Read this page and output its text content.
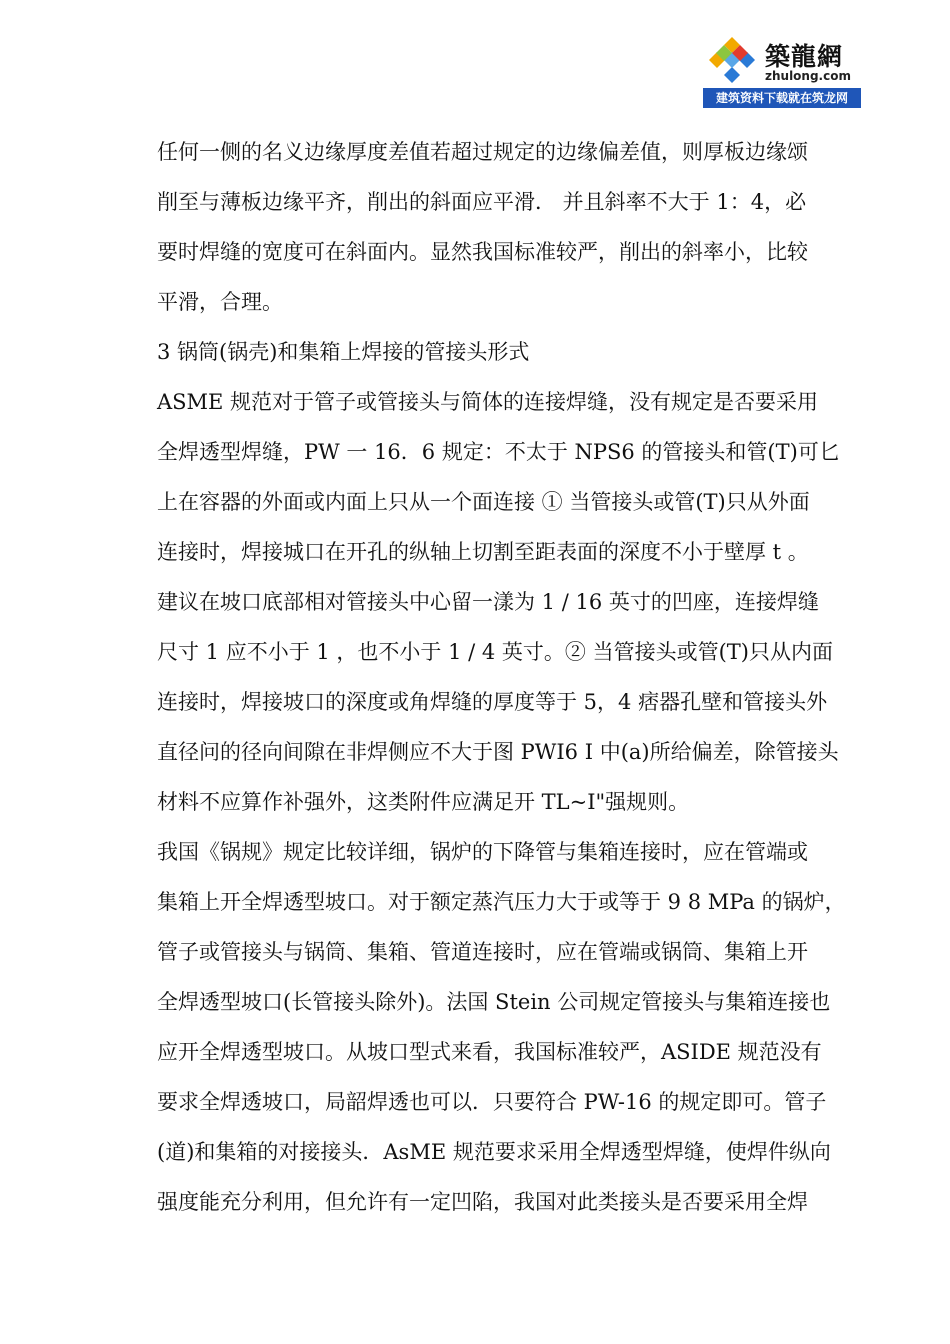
築龍網
zhulong.com
建筑资料下载就在筑龙网
任何一侧的名义边缘厚度差值若超过规定的边缘偏差值，则厚板边缘颂
削至与薄板边缘平齐，削出的斜面应平滑． 并且斜率不大于 1：4，必
要时焊缝的宽度可在斜面内。显然我国标准较严，削出的斜率小，比较
平滑，合理。
3 锅筒(锅壳)和集箱上焊接的管接头形式
ASME 规范对于管子或管接头与简体的连接焊缝，没有规定是否要采用
全焊透型焊缝，PW 一 16．6 规定：不太于 NPS6 的管接头和管(T)可匕
上在容器的外面或内面上只从一个面连接 ① 当管接头或管(T)只从外面
连接时，焊接城口在开孔的纵轴上切割至距表面的深度不小于壁厚 t 。
建议在坡口底部相对管接头中心留一漾为 1 / 16 英寸的凹座，连接焊缝
尺寸 1 应不小于 1 ，也不小于 1 / 4 英寸。② 当管接头或管(T)只从内面
连接时，焊接坡口的深度或角焊缝的厚度等于 5，4 痞器孔壁和管接头外
直径问的径向间隙在非焊侧应不大于图 PWI6 I 中(a)所给偏差，除管接头
材料不应算作补强外，这类附件应满足开 TL~I"强规则。
我国《锅规》规定比较详细，锅炉的下降管与集箱连接时，应在管端或
集箱上开全焊透型坡口。对于额定蒸汽压力大于或等于 9 8 MPa 的锅炉，
管子或管接头与锅筒、集箱、管道连接时，应在管端或锅筒、集箱上开
全焊透型坡口(长管接头除外)。法国 Stein 公司规定管接头与集箱连接也
应开全焊透型坡口。从坡口型式来看，我国标准较严，ASIDE 规范没有
要求全焊透坡口，局韶焊透也可以．只要符合 PW-16 的规定即可。管子
(道)和集箱的对接接头．AsME 规范要求采用全焊透型焊缝，使焊件纵向
强度能充分利用，但允许有一定凹陷，我国对此类接头是否要采用全焊
